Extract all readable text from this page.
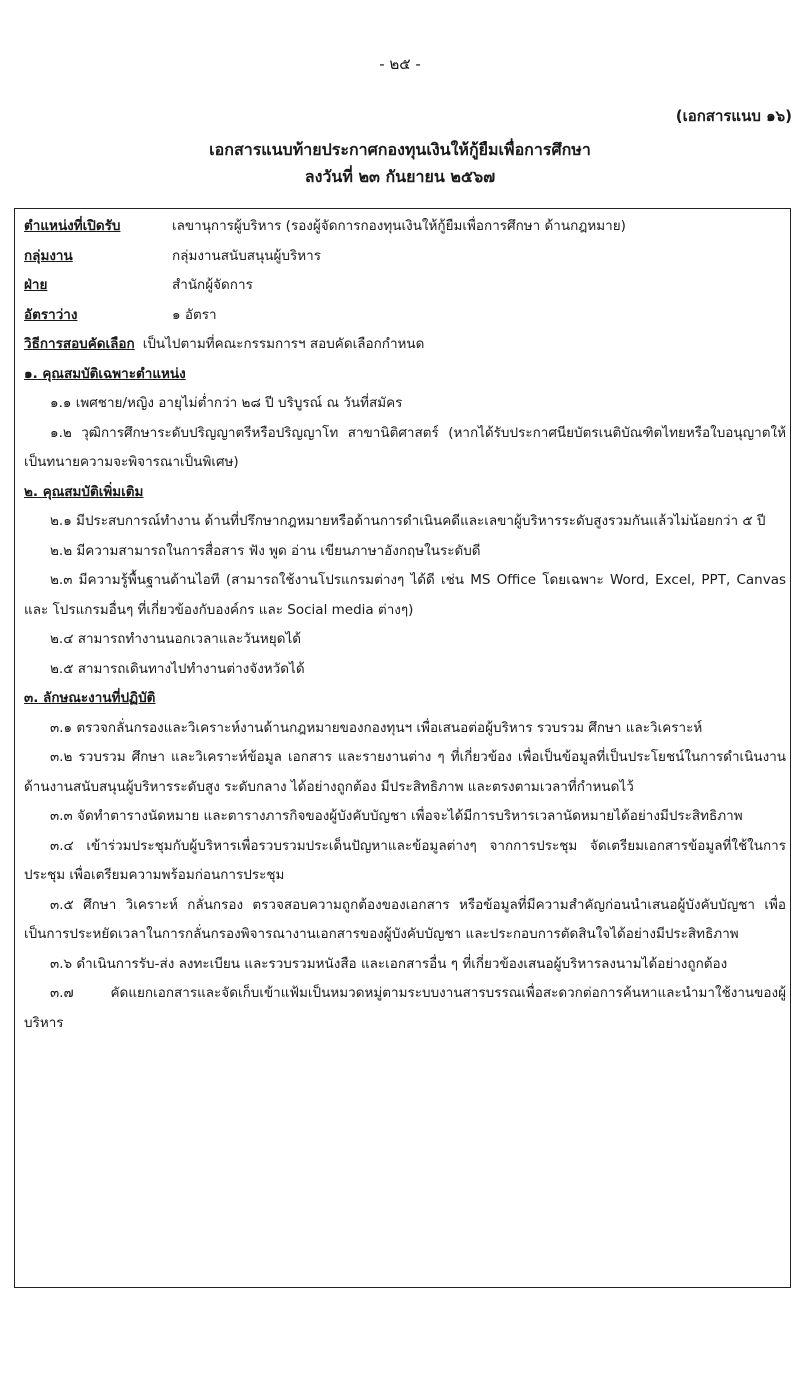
- ๒๕ -
(เอกสารแนบ ๑๖)
เอกสารแนบท้ายประกาศกองทุนเงินให้กู้ยืมเพื่อการศึกษา
ลงวันที่ ๒๓ กันยายน ๒๕๖๗
ตำแหน่งที่เปิดรับ	เลขานุการผู้บริหาร (รองผู้จัดการกองทุนเงินให้กู้ยืมเพื่อการศึกษา ด้านกฎหมาย)
กลุ่มงาน	กลุ่มงานสนับสนุนผู้บริหาร
ฝ่าย	สำนักผู้จัดการ
อัตราว่าง	๑ อัตรา
วิธีการสอบคัดเลือก เป็นไปตามที่คณะกรรมการฯ สอบคัดเลือกกำหนด
๑. คุณสมบัติเฉพาะตำแหน่ง
๑.๑ เพศชาย/หญิง อายุไม่ต่ำกว่า ๒๘ ปี บริบูรณ์ ณ วันที่สมัคร
๑.๒ วุฒิการศึกษาระดับปริญญาตรีหรือปริญญาโท สาขานิติศาสตร์ (หากได้รับประกาศนียบัตรเนติบัณฑิตไทยหรือใบอนุญาตให้เป็นทนายความจะพิจารณาเป็นพิเศษ)
๒. คุณสมบัติเพิ่มเติม
๒.๑ มีประสบการณ์ทำงาน ด้านที่ปรึกษากฎหมายหรือด้านการดำเนินคดีและเลขาผู้บริหารระดับสูงรวมกันแล้วไม่น้อยกว่า ๕ ปี
๒.๒ มีความสามารถในการสื่อสาร ฟัง พูด อ่าน เขียนภาษาอังกฤษในระดับดี
๒.๓ มีความรู้พื้นฐานด้านไอที (สามารถใช้งานโปรแกรมต่างๆ ได้ดี เช่น MS Office โดยเฉพาะ Word, Excel, PPT, Canvas และ โปรแกรมอื่นๆ ที่เกี่ยวข้องกับองค์กร และ Social media ต่างๆ)
๒.๔ สามารถทำงานนอกเวลาและวันหยุดได้
๒.๕ สามารถเดินทางไปทำงานต่างจังหวัดได้
๓. ลักษณะงานที่ปฏิบัติ
๓.๑ ตรวจกลั่นกรองและวิเคราะห์งานด้านกฎหมายของกองทุนฯ เพื่อเสนอต่อผู้บริหาร รวบรวม ศึกษา และวิเคราะห์
๓.๒ รวบรวม ศึกษา และวิเคราะห์ข้อมูล เอกสาร และรายงานต่าง ๆ ที่เกี่ยวข้อง เพื่อเป็นข้อมูลที่เป็นประโยชน์ในการดำเนินงานด้านงานสนับสนุนผู้บริหารระดับสูง ระดับกลาง ได้อย่างถูกต้อง มีประสิทธิภาพ และตรงตามเวลาที่กำหนดไว้
๓.๓ จัดทำตารางนัดหมาย และตารางภารกิจของผู้บังคับบัญชา เพื่อจะได้มีการบริหารเวลานัดหมายได้อย่างมีประสิทธิภาพ
๓.๔ เข้าร่วมประชุมกับผู้บริหารเพื่อรวบรวมประเด็นปัญหาและข้อมูลต่างๆ จากการประชุม จัดเตรียมเอกสารข้อมูลที่ใช้ในการประชุม เพื่อเตรียมความพร้อมก่อนการประชุม
๓.๕ ศึกษา วิเคราะห์ กลั่นกรอง ตรวจสอบความถูกต้องของเอกสาร หรือข้อมูลที่มีความสำคัญก่อนนำเสนอผู้บังคับบัญชา เพื่อเป็นการประหยัดเวลาในการกลั่นกรองพิจารณางานเอกสารของผู้บังคับบัญชา และประกอบการตัดสินใจได้อย่างมีประสิทธิภาพ
๓.๖ ดำเนินการรับ-ส่ง ลงทะเบียน และรวบรวมหนังสือ และเอกสารอื่น ๆ ที่เกี่ยวข้องเสนอผู้บริหารลงนามได้อย่างถูกต้อง
๓.๗ คัดแยกเอกสารและจัดเก็บเข้าแฟ้มเป็นหมวดหมู่ตามระบบงานสารบรรณเพื่อสะดวกต่อการค้นหาและนำมาใช้งานของผู้บริหาร
